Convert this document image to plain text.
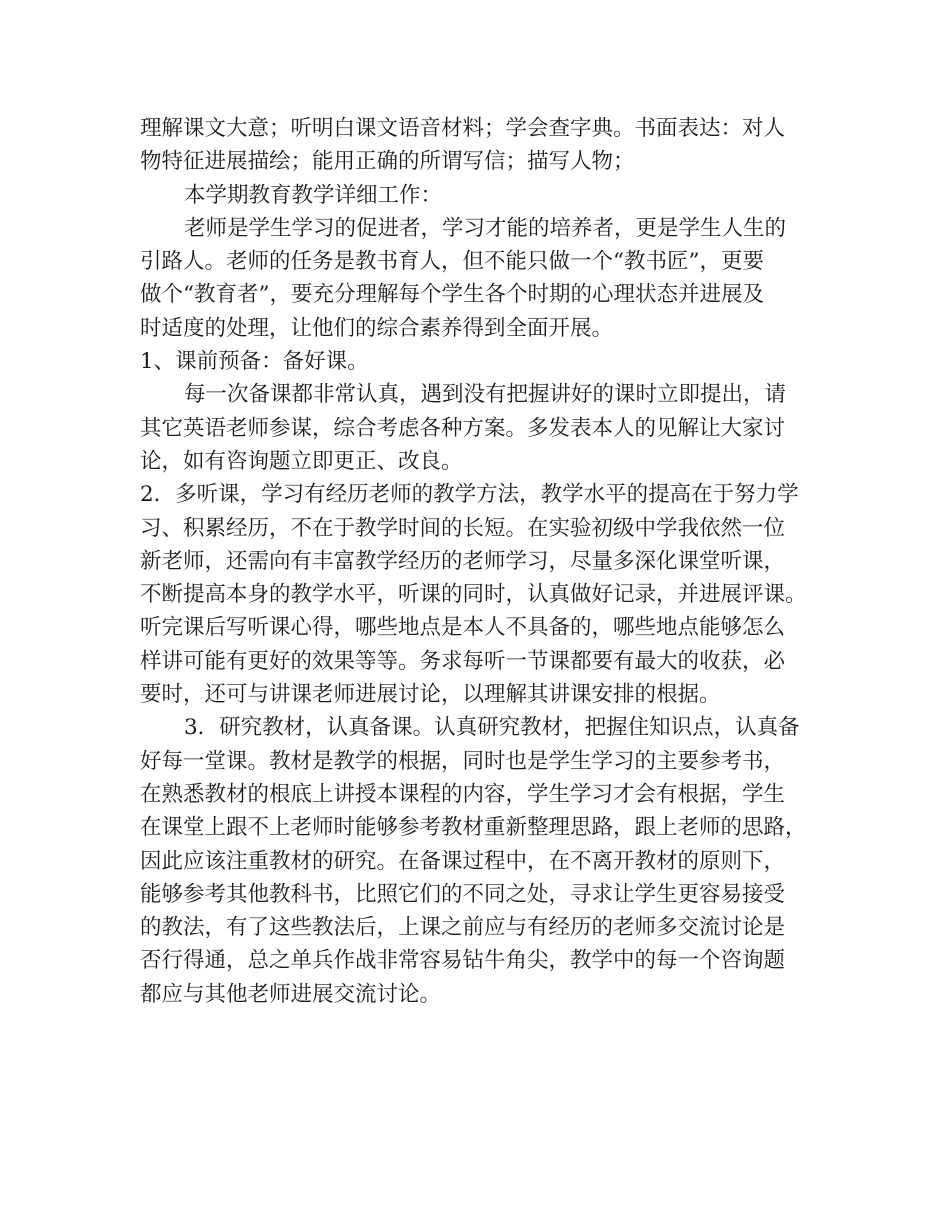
理解课文大意；听明白课文语音材料；学会查字典。书面表达：对人
物特征进展描绘；能用正确的所谓写信；描写人物；
本学期教育教学详细工作：
老师是学生学习的促进者，学习才能的培养者，更是学生人生的
引路人。老师的任务是教书育人，但不能只做一个“教书匠”，更要
做个“教育者”，要充分理解每个学生各个时期的心理状态并进展及
时适度的处理，让他们的综合素养得到全面开展。
1、课前预备：备好课。
每一次备课都非常认真，遇到没有把握讲好的课时立即提出，请
其它英语老师参谋，综合考虑各种方案。多发表本人的见解让大家讨
论，如有咨询题立即更正、改良。
2．多听课，学习有经历老师的教学方法，教学水平的提高在于努力学
习、积累经历，不在于教学时间的长短。在实验初级中学我依然一位
新老师，还需向有丰富教学经历的老师学习，尽量多深化课堂听课，
不断提高本身的教学水平，听课的同时，认真做好记录，并进展评课。
听完课后写听课心得，哪些地点是本人不具备的，哪些地点能够怎么
样讲可能有更好的效果等等。务求每听一节课都要有最大的收获，必
要时，还可与讲课老师进展讨论，以理解其讲课安排的根据。
3．研究教材，认真备课。认真研究教材，把握住知识点，认真备
好每一堂课。教材是教学的根据，同时也是学生学习的主要参考书，
在熟悉教材的根底上讲授本课程的内容，学生学习才会有根据，学生
在课堂上跟不上老师时能够参考教材重新整理思路，跟上老师的思路，
因此应该注重教材的研究。在备课过程中，在不离开教材的原则下，
能够参考其他教科书，比照它们的不同之处，寻求让学生更容易接受
的教法，有了这些教法后，上课之前应与有经历的老师多交流讨论是
否行得通，总之单兵作战非常容易钻牛角尖，教学中的每一个咨询题
都应与其他老师进展交流讨论。
